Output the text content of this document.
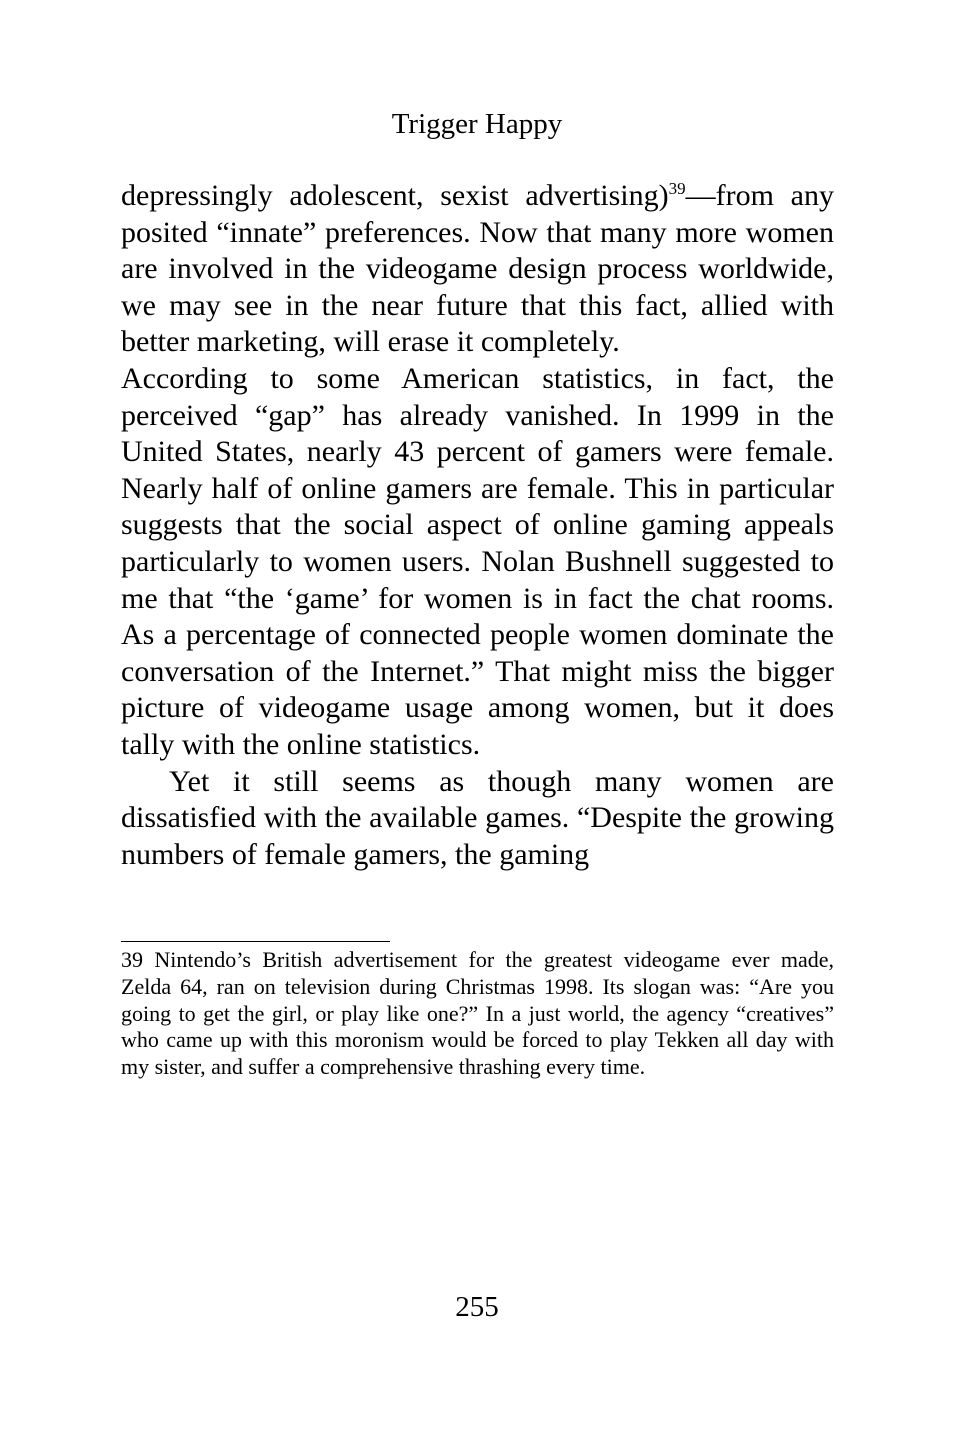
Trigger Happy

depressingly adolescent, sexist advertising)$^{39}$—from any posited “innate” preferences. Now that many more women are involved in the videogame design process worldwide, we may see in the near future that this fact, allied with better marketing, will erase it completely.

According to some American statistics, in fact, the perceived “gap” has already vanished. In 1999 in the United States, nearly 43 percent of gamers were female. Nearly half of online gamers are female. This in particular suggests that the social aspect of online gaming appeals particularly to women users. Nolan Bushnell suggested to me that “the ‘game’ for women is in fact the chat rooms. As a percentage of connected people women dominate the conversation of the Internet.” That might miss the bigger picture of videogame usage among women, but it does tally with the online statistics.

Yet it still seems as though many women are dissatisfied with the available games. “Despite the growing numbers of female gamers, the gaming

39 Nintendo’s British advertisement for the greatest videogame ever made, Zelda 64, ran on television during Christmas 1998. Its slogan was: “Are you going to get the girl, or play like one?” In a just world, the agency “creatives” who came up with this moronism would be forced to play Tekken all day with my sister, and suffer a comprehensive thrashing every time.

255
